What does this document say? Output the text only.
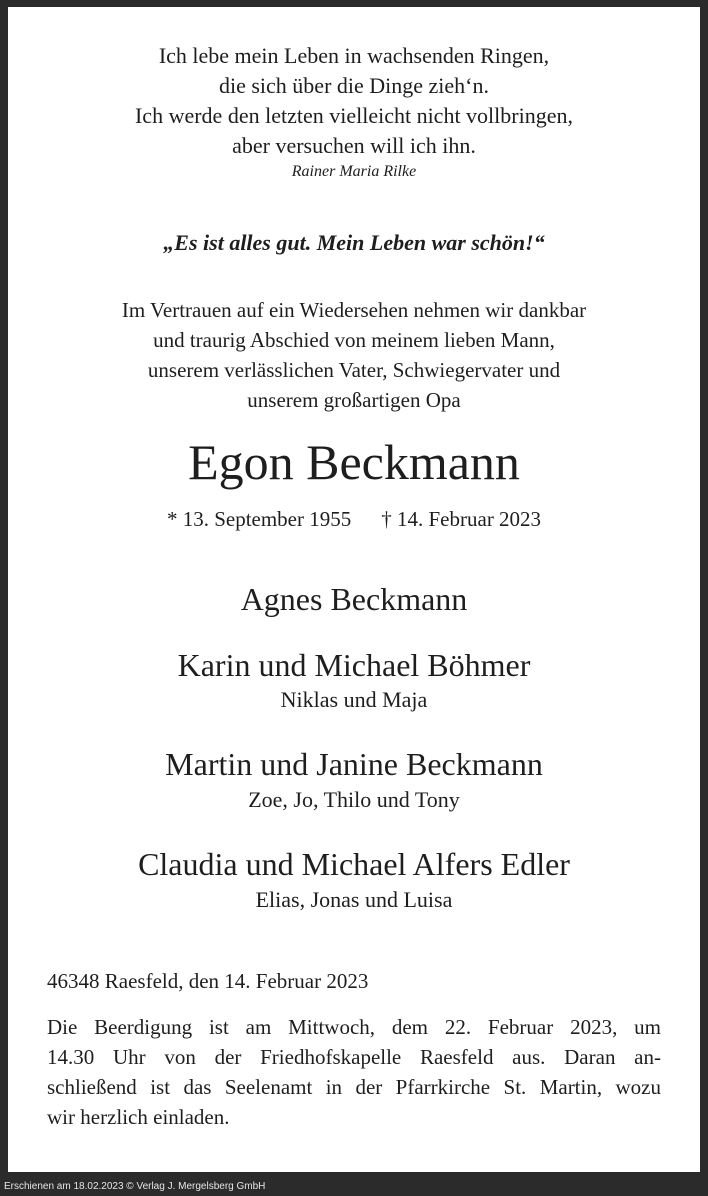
Ich lebe mein Leben in wachsenden Ringen,
die sich über die Dinge zieh‘n.
Ich werde den letzten vielleicht nicht vollbringen,
aber versuchen will ich ihn.
Rainer Maria Rilke
„Es ist alles gut. Mein Leben war schön!“
Im Vertrauen auf ein Wiedersehen nehmen wir dankbar
und traurig Abschied von meinem lieben Mann,
unserem verlässlichen Vater, Schwiegervater und
unserem großartigen Opa
Egon Beckmann
* 13. September 1955 † 14. Februar 2023
Agnes Beckmann
Karin und Michael Böhmer
Niklas und Maja
Martin und Janine Beckmann
Zoe, Jo, Thilo und Tony
Claudia und Michael Alfers Edler
Elias, Jonas und Luisa
46348 Raesfeld, den 14. Februar 2023
Die Beerdigung ist am Mittwoch, dem 22. Februar 2023, um
14.30 Uhr von der Friedhofskapelle Raesfeld aus. Daran an-
schließend ist das Seelenamt in der Pfarrkirche St. Martin, wozu
wir herzlich einladen.
Erschienen am 18.02.2023 © Verlag J. Mergelsberg GmbH
